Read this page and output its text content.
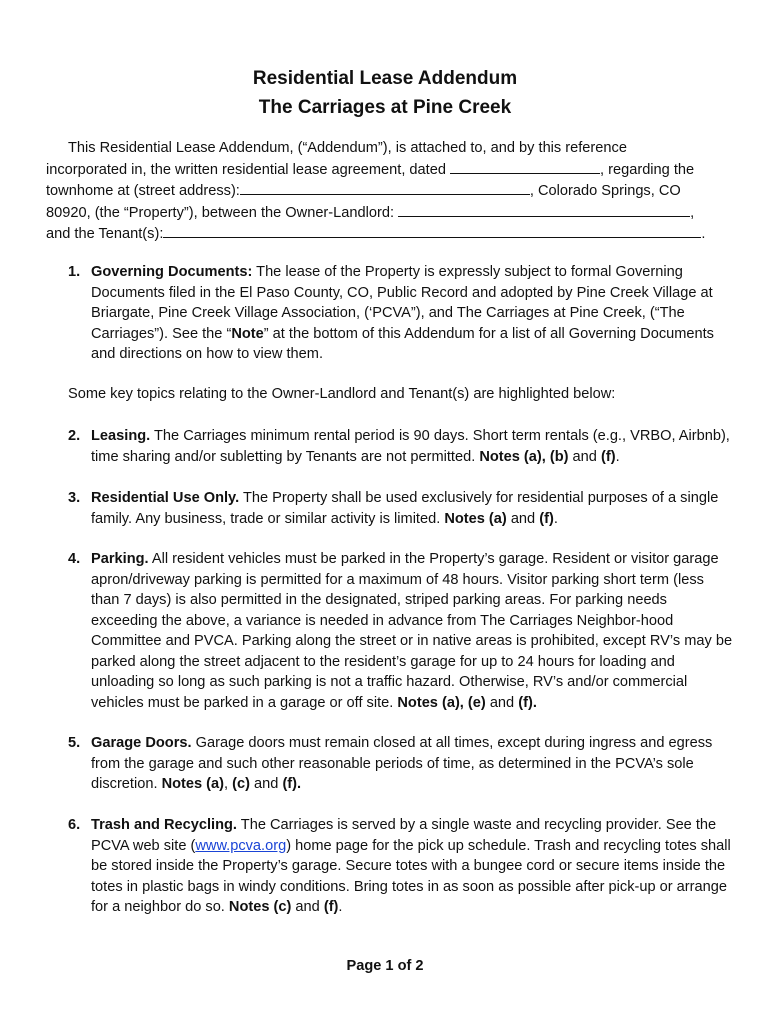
Residential Lease Addendum
The Carriages at Pine Creek

This Residential Lease Addendum, (“Addendum”), is attached to, and by this reference
incorporated in, the written residential lease agreement, dated	, regarding the
townhome at (street address):	, Colorado Springs, CO
80920, (the “Property”), between the Owner-Landlord:	,
and the Tenant(s):	.

1. Governing Documents: The lease of the Property is expressly subject to formal Governing Documents filed in the El Paso County, CO, Public Record and adopted by Pine Creek Village at Briargate, Pine Creek Village Association, (‘PCVA”), and The Carriages at Pine Creek, (“The Carriages”). See the “Note” at the bottom of this Addendum for a list of all Governing Documents and directions on how to view them.

Some key topics relating to the Owner-Landlord and Tenant(s) are highlighted below:

2. Leasing. The Carriages minimum rental period is 90 days. Short term rentals (e.g., VRBO, Airbnb), time sharing and/or subletting by Tenants are not permitted. Notes (a), (b) and (f).
3. Residential Use Only. The Property shall be used exclusively for residential purposes of a single family. Any business, trade or similar activity is limited. Notes (a) and (f).
4. Parking. All resident vehicles must be parked in the Property’s garage. Resident or visitor garage apron/driveway parking is permitted for a maximum of 48 hours. Visitor parking short term (less than 7 days) is also permitted in the designated, striped parking areas. For parking needs exceeding the above, a variance is needed in advance from The Carriages Neighbor-hood Committee and PVCA. Parking along the street or in native areas is prohibited, except RV’s may be parked along the street adjacent to the resident’s garage for up to 24 hours for loading and unloading so long as such parking is not a traffic hazard. Otherwise, RV’s and/or commercial vehicles must be parked in a garage or off site. Notes (a), (e) and (f).
5. Garage Doors. Garage doors must remain closed at all times, except during ingress and egress from the garage and such other reasonable periods of time, as determined in the PCVA’s sole discretion. Notes (a), (c) and (f).
6. Trash and Recycling. The Carriages is served by a single waste and recycling provider. See the PCVA web site (www.pcva.org) home page for the pick up schedule. Trash and recycling totes shall be stored inside the Property’s garage. Secure totes with a bungee cord or secure items inside the totes in plastic bags in windy conditions. Bring totes in as soon as possible after pick-up or arrange for a neighbor do so. Notes (c) and (f).
Page 1 of 2
